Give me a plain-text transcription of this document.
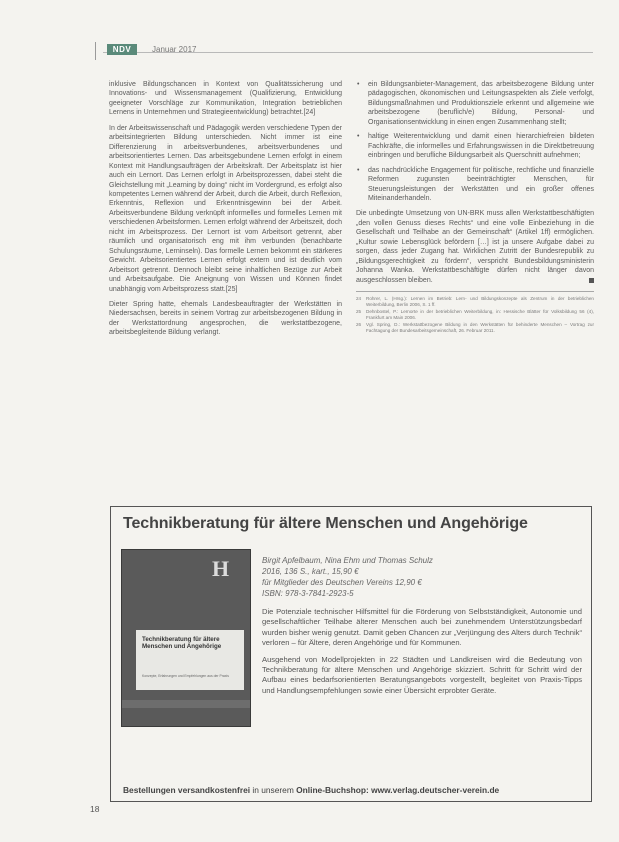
NDV	Januar 2017

inklusive Bildungschancen in Kontext von Qualitätssicherung und Innovations- und Wissensmanagement (Qualifizierung, Entwicklung geeigneter Vorschläge zur Kommunikation, Integration betrieblichen Lernens in Unternehmen und Strategieentwicklung) betrachtet.[24]

In der Arbeitswissenschaft und Pädagogik werden verschiedene Typen der arbeitsintegrierten Bildung unterschieden. Nicht immer ist eine Differenzierung in arbeitsverbundenes, arbeitsverbundenes und arbeitsorientiertes Lernen. Das arbeitsgebundene Lernen erfolgt in einem Kontext mit Handlungsaufträgen der Arbeitskraft. Der Arbeitsplatz ist hier auch ein Lernort. Das Lernen erfolgt in Arbeitsprozessen, dabei steht die Gleichstellung mit „Learning by doing“ nicht im Vordergrund, es erfolgt also kompetentes Lernen während der Arbeit, durch die Arbeit, durch Reflexion, Erkenntnis, Reflexion und Erkenntnisgewinn bei der Arbeit. Arbeitsverbundene Bildung verknüpft informelles und formelles Lernen mit verschiedenen Arbeitsformen. Lernen erfolgt während der Arbeitszeit, doch nicht im Arbeitsprozess. Der Lernort ist vom Arbeitsort getrennt, aber räumlich und organisatorisch eng mit ihm verbunden (benachbarte Schulungsräume, Lerninseln). Das formelle Lernen bekommt ein stärkeres Gewicht. Arbeitsorientiertes Lernen erfolgt extern und ist deutlich vom Arbeitsort getrennt. Dennoch bleibt seine inhaltlichen Bezüge zur Arbeit und Arbeitsaufgabe. Die Aneignung von Wissen und Können findet unabhängig vom Arbeitsprozess statt.[25]

Dieter Spring hatte, ehemals Landesbeauftragter der Werkstätten in Niedersachsen, bereits in seinem Vortrag zur arbeitsbezogenen Bildung in der Werkstattordnung angesprochen, die werkstattbezogene, arbeitsbegleitende Bildung verlangt.

• ein Bildungsanbieter-Management, das arbeitsbezogene Bildung unter pädagogischen, ökonomischen und Leitungsaspekten als Ziele verfolgt, Bildungsmaßnahmen und Produktionsziele erkennt und allgemeine wie arbeitsbezogene (beruflich/e) Bildung, Personal- und Organisationsentwicklung in einen engen Zusammenhang stellt;
• haltige Weiterentwicklung und damit einen hierarchiefreien bildeten Fachkräfte, die informelles und Erfahrungswissen in die Direktbetreuung einbringen und berufliche Bildungsarbeit als Querschnitt aufnehmen;
• das nachdrückliche Engagement für politische, rechtliche und finanzielle Reformen zugunsten beeinträchtigter Menschen, für Steuerungsleistungen der Werkstätten und ein großer offenes Miteinanderhandeln.

Die unbedingte Umsetzung von UN-BRK muss allen Werkstattbeschäftigten „den vollen Genuss dieses Rechts“ und eine volle Einbeziehung in die Gesellschaft und Teilhabe an der Gemeinschaft“ (Artikel 1ff) ermöglichen. „Kultur sowie Lebensglück befördern […] ist ja unsere Aufgabe dabei zu sorgen, dass jeder Zugang hat. Wirklichen Zutritt der Bundesrepublik zu „Bildungsgerechtigkeit zu fördern“, verspricht Bundesbildungsministerin Johanna Wanka. Werkstattbeschäftigte dürfen nicht länger davon ausgeschlossen bleiben.

24 Rohrer, L. (Hrsg.): Lernen im Betrieb: Lern- und Bildungskonzepte als Zentrum in der betrieblichen Weiterbildung, Berlin 2006, S. 1 ff.
25 Dehnbostel, P.: Lernorte in der betrieblichen Weiterbildung, in: Hessische Blätter für Volksbildung 56 (4), Frankfurt am Main 2006.
26 Vgl. Spring, D.: Werkstattbezogene Bildung in den Werkstätten für behinderte Menschen – Vortrag zur Fachtagung der Bundesarbeitsgemeinschaft, 26. Februar 2011.
Technikberatung für ältere Menschen und Angehörige
H
Technikberatung für ältere Menschen und Angehörige
Konzepte, Erfahrungen und Empfehlungen aus der Praxis
Birgit Apfelbaum, Nina Ehm und Thomas Schulz
2016, 136 S., kart., 15,90 €
für Mitglieder des Deutschen Vereins 12,90 €
ISBN: 978-3-7841-2923-5

Die Potenziale technischer Hilfsmittel für die Förderung von Selbstständigkeit, Autonomie und gesellschaftlicher Teilhabe älterer Menschen auch bei zunehmendem Unterstützungsbedarf wurden bisher wenig genutzt. Damit geben Chancen zur „Verjüngung des Alters durch Technik“ verloren – für Ältere, deren Angehörige und für Kommunen.

Ausgehend von Modellprojekten in 22 Städten und Landkreisen wird die Bedeutung von Technikberatung für ältere Menschen und Angehörige skizziert. Schritt für Schritt wird der Aufbau eines bedarfsorientierten Beratungsangebots vorgestellt, begleitet von Praxis-Tipps und Handlungsempfehlungen sowie einer Übersicht erprobter Geräte.

Bestellungen versandkostenfrei in unserem Online-Buchshop: www.verlag.deutscher-verein.de
18
